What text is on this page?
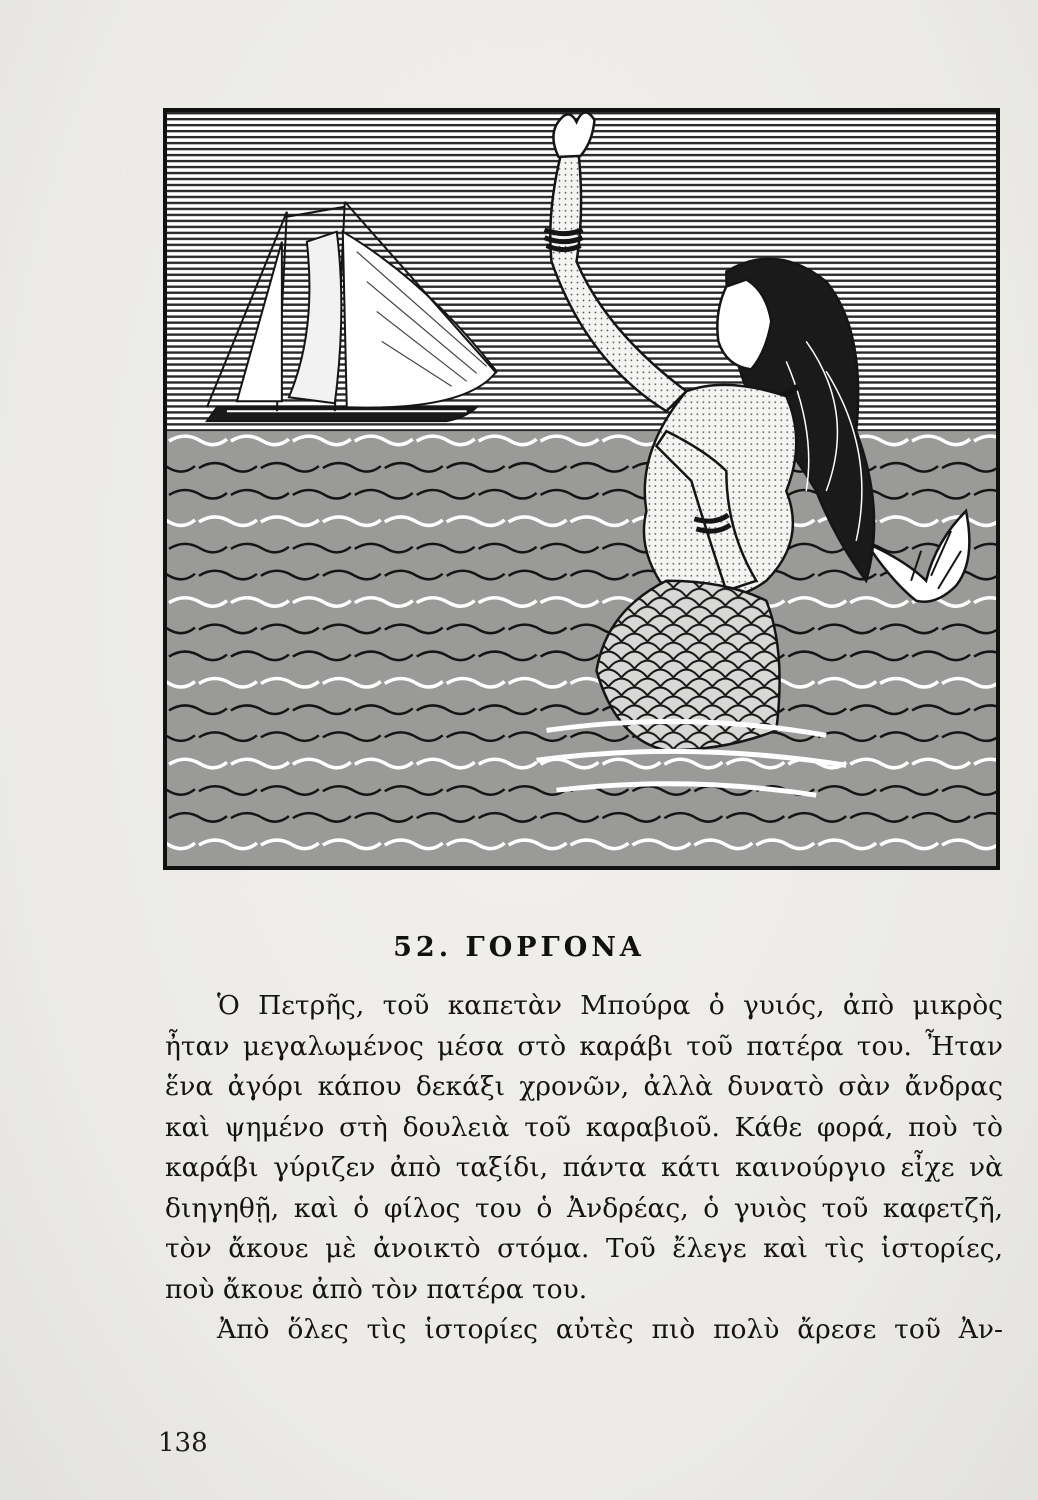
52. ΓΟΡΓΟΝΑ
Ὁ Πετρῆς, τοῦ καπετὰν Μπούρα ὁ γυιός, ἀπὸ μικρὸς
ἦταν μεγαλωμένος μέσα στὸ καράβι τοῦ πατέρα του. Ἦταν
ἕνα ἀγόρι κάπου δεκάξι χρονῶν, ἀλλὰ δυνατὸ σὰν ἄνδρας
καὶ ψημένο στὴ δουλειὰ τοῦ καραβιοῦ. Κάθε φορά, ποὺ τὸ
καράβι γύριζεν ἀπὸ ταξίδι, πάντα κάτι καινούργιο εἶχε νὰ
διηγηθῇ, καὶ ὁ φίλος του ὁ Ἀνδρέας, ὁ γυιὸς τοῦ καφετζῆ,
τὸν ἄκουε μὲ ἀνοικτὸ στόμα. Τοῦ ἔλεγε καὶ τὶς ἱστορίες,
ποὺ ἄκουε ἀπὸ τὸν πατέρα του.
Ἀπὸ ὅλες τὶς ἱστορίες αὐτὲς πιὸ πολὺ ἄρεσε τοῦ Ἀν-
138
